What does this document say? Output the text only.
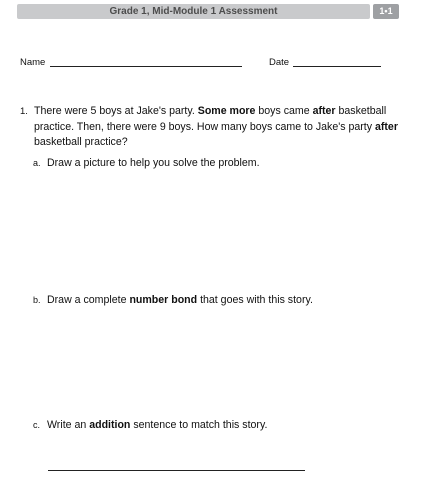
Grade 1, Mid-Module 1 Assessment	1•1
Name	Date
1. There were 5 boys at Jake's party. Some more boys came after basketball practice. Then, there were 9 boys. How many boys came to Jake's party after basketball practice?
a. Draw a picture to help you solve the problem.
b. Draw a complete number bond that goes with this story.
c. Write an addition sentence to match this story.
